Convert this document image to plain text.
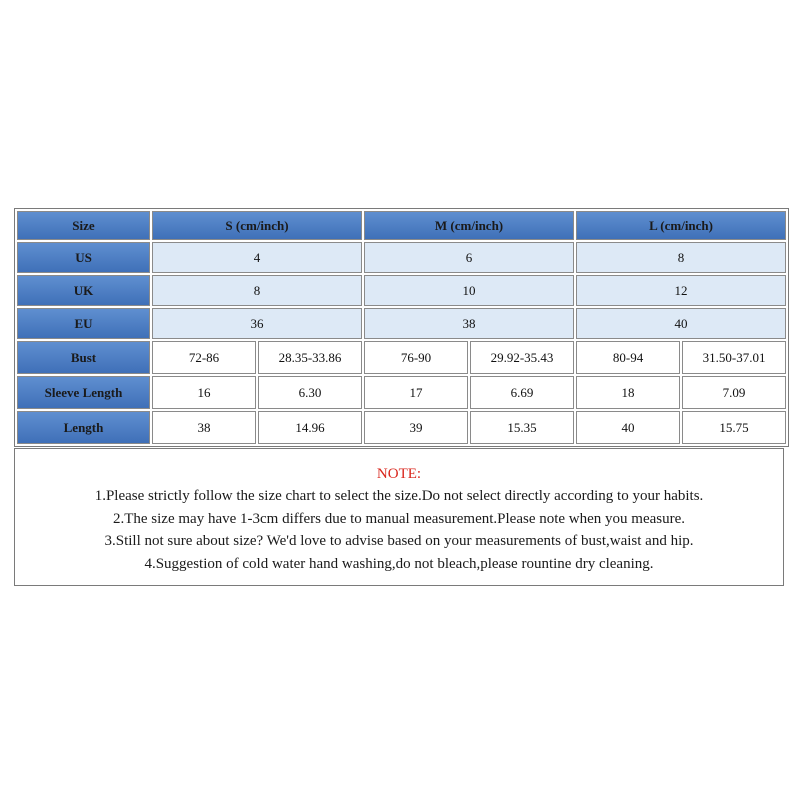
Size	S (cm/inch)		M (cm/inch)		L (cm/inch)	
US	4		6		8	
UK	8		10		12	
EU	36		38		40	
Bust	72-86	28.35-33.86	76-90	29.92-35.43	80-94	31.50-37.01
Sleeve Length	16	6.30	17	6.69	18	7.09
Length	38	14.96	39	15.35	40	15.75
NOTE:
1.Please strictly follow the size chart to select the size.Do not select directly according to your habits.
2.The size may have 1-3cm differs due to manual measurement.Please note when you measure.
3.Still not sure about size? We'd love to advise based on your measurements of bust,waist and hip.
4.Suggestion of cold water hand washing,do not bleach,please rountine dry cleaning.
